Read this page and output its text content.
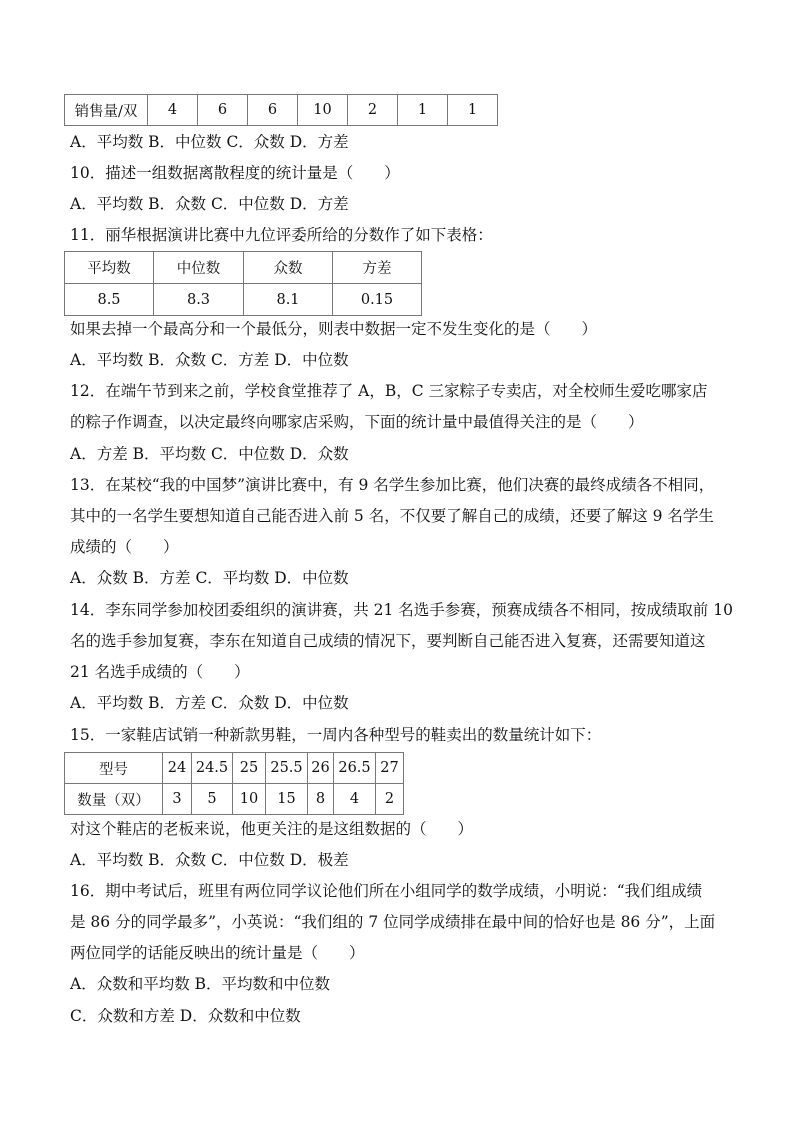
销售量/双	4	6	6	10	2	1	1
A．平均数 B．中位数 C．众数 D．方差
10．描述一组数据离散程度的统计量是（　　）
A．平均数 B．众数 C．中位数 D．方差
11．丽华根据演讲比赛中九位评委所给的分数作了如下表格：
平均数	中位数	众数	方差
8.5	8.3	8.1	0.15
如果去掉一个最高分和一个最低分，则表中数据一定不发生变化的是（　　）
A．平均数 B．众数 C．方差 D．中位数
12．在端午节到来之前，学校食堂推荐了 A，B，C 三家粽子专卖店，对全校师生爱吃哪家店
的粽子作调查，以决定最终向哪家店采购，下面的统计量中最值得关注的是（　　）
A．方差 B．平均数 C．中位数 D．众数
13．在某校“我的中国梦”演讲比赛中，有 9 名学生参加比赛，他们决赛的最终成绩各不相同，
其中的一名学生要想知道自己能否进入前 5 名，不仅要了解自己的成绩，还要了解这 9 名学生
成绩的（　　）
A．众数 B．方差 C．平均数 D．中位数
14．李东同学参加校团委组织的演讲赛，共 21 名选手参赛，预赛成绩各不相同，按成绩取前 10
名的选手参加复赛，李东在知道自己成绩的情况下，要判断自己能否进入复赛，还需要知道这
21 名选手成绩的（　　）
A．平均数 B．方差 C．众数 D．中位数
15．一家鞋店试销一种新款男鞋，一周内各种型号的鞋卖出的数量统计如下：
型号	24	24.5	25	25.5	26	26.5	27
数量（双）	3	5	10	15	8	4	2
对这个鞋店的老板来说，他更关注的是这组数据的（　　）
A．平均数 B．众数 C．中位数 D．极差
16．期中考试后，班里有两位同学议论他们所在小组同学的数学成绩，小明说：“我们组成绩
是 86 分的同学最多”，小英说：“我们组的 7 位同学成绩排在最中间的恰好也是 86 分”，上面
两位同学的话能反映出的统计量是（　　）
A．众数和平均数 B．平均数和中位数
C．众数和方差 D．众数和中位数
